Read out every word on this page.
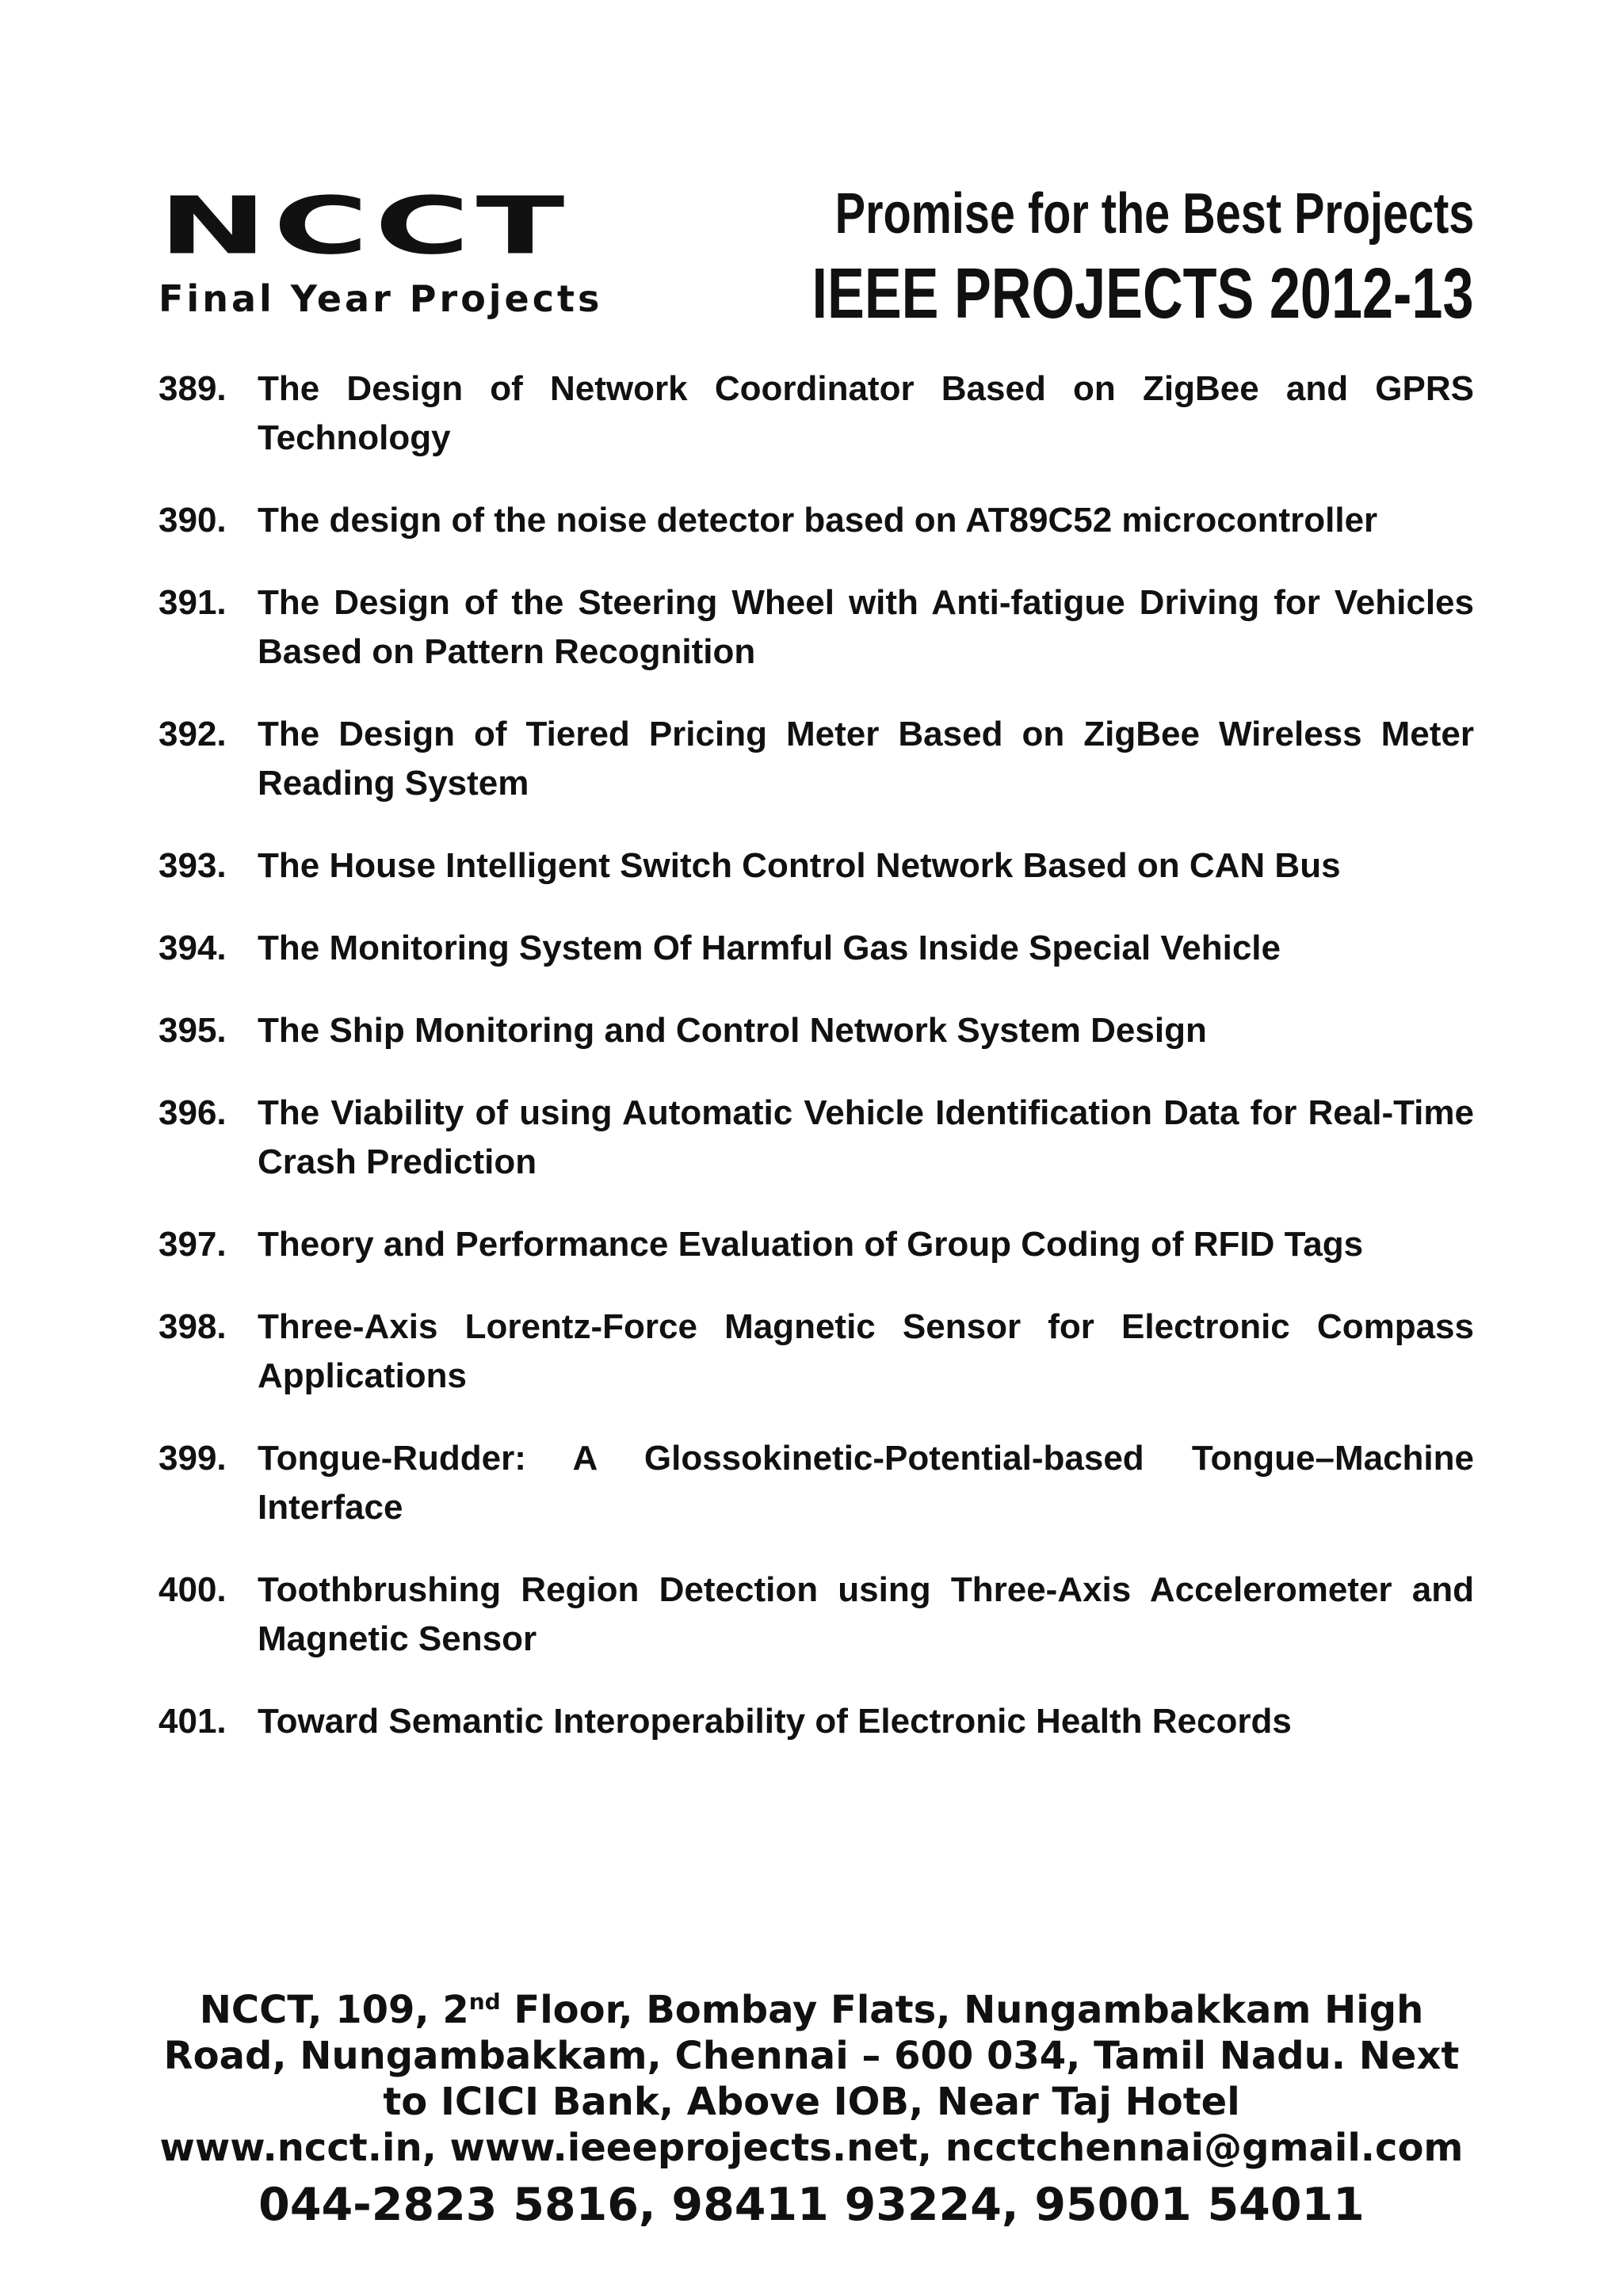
NCCT
Final Year Projects
Promise for the Best Projects
IEEE PROJECTS 2012-13
389. The Design of Network Coordinator Based on ZigBee and GPRS Technology
390. The design of the noise detector based on AT89C52 microcontroller
391. The Design of the Steering Wheel with Anti-fatigue Driving for Vehicles Based on Pattern Recognition
392. The Design of Tiered Pricing Meter Based on ZigBee Wireless Meter Reading System
393. The House Intelligent Switch Control Network Based on CAN Bus
394. The Monitoring System Of Harmful Gas Inside Special Vehicle
395. The Ship Monitoring and Control Network System Design
396. The Viability of using Automatic Vehicle Identification Data for Real-Time Crash Prediction
397. Theory and Performance Evaluation of Group Coding of RFID Tags
398. Three-Axis Lorentz-Force Magnetic Sensor for Electronic Compass Applications
399. Tongue-Rudder: A Glossokinetic-Potential-based Tongue–Machine Interface
400. Toothbrushing Region Detection using Three-Axis Accelerometer and Magnetic Sensor
401. Toward Semantic Interoperability of Electronic Health Records
NCCT, 109, 2nd Floor, Bombay Flats, Nungambakkam High
Road, Nungambakkam, Chennai – 600 034, Tamil Nadu. Next
to ICICI Bank, Above IOB, Near Taj Hotel
www.ncct.in, www.ieeeprojects.net, ncctchennai@gmail.com
044-2823 5816, 98411 93224, 95001 54011
